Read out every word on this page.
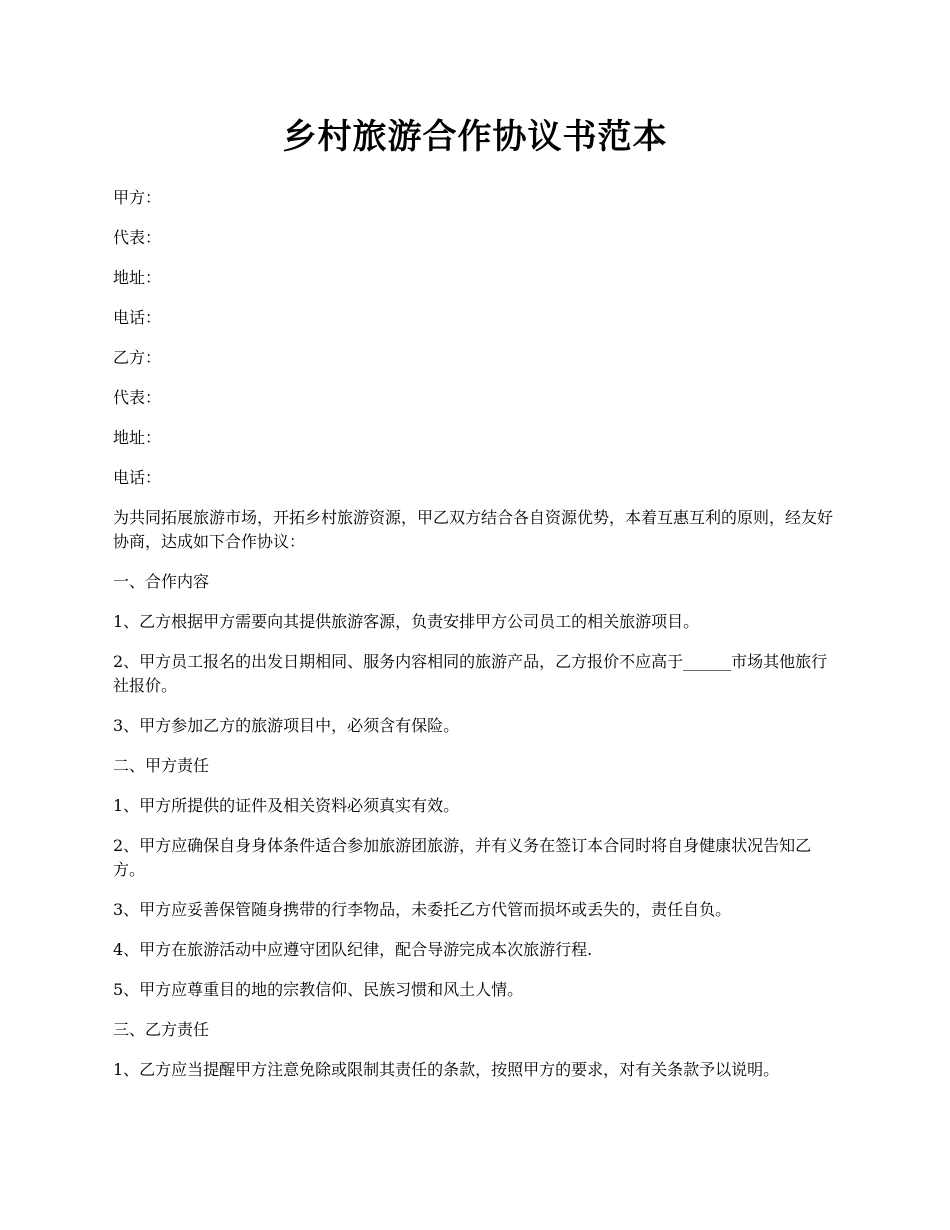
乡村旅游合作协议书范本
甲方：
代表：
地址：
电话：
乙方：
代表：
地址：
电话：

为共同拓展旅游市场，开拓乡村旅游资源，甲乙双方结合各自资源优势，本着互惠互利的原则，经友好协商，达成如下合作协议：

一、合作内容

1、乙方根据甲方需要向其提供旅游客源，负责安排甲方公司员工的相关旅游项目。

2、甲方员工报名的出发日期相同、服务内容相同的旅游产品，乙方报价不应高于______市场其他旅行社报价。

3、甲方参加乙方的旅游项目中，必须含有保险。

二、甲方责任

1、甲方所提供的证件及相关资料必须真实有效。

2、甲方应确保自身身体条件适合参加旅游团旅游，并有义务在签订本合同时将自身健康状况告知乙方。

3、甲方应妥善保管随身携带的行李物品，未委托乙方代管而损坏或丢失的，责任自负。

4、甲方在旅游活动中应遵守团队纪律，配合导游完成本次旅游行程.

5、甲方应尊重目的地的宗教信仰、民族习惯和风土人情。

三、乙方责任

1、乙方应当提醒甲方注意免除或限制其责任的条款，按照甲方的要求，对有关条款予以说明。
